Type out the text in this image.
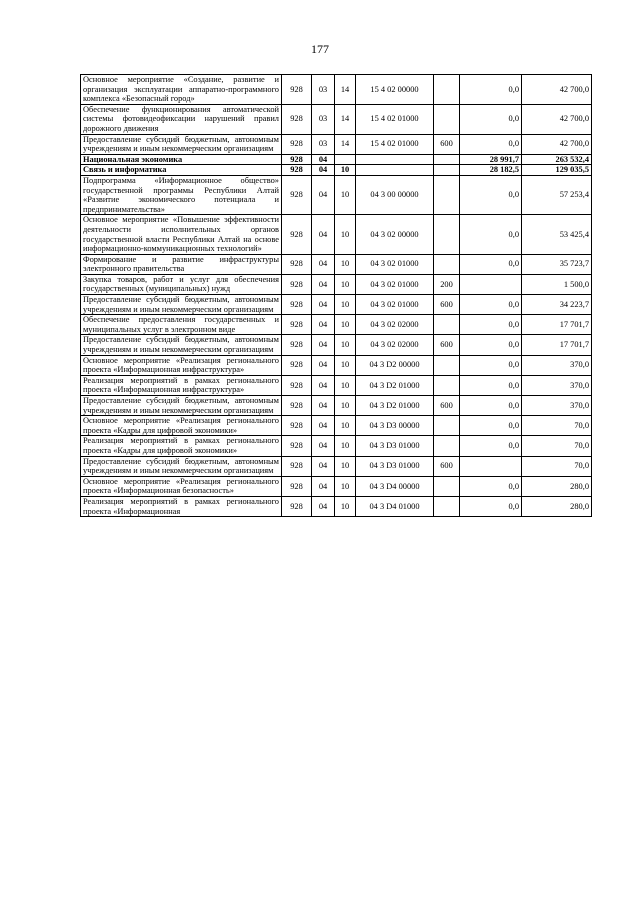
177
Основное мероприятие «Создание, развитие и организация эксплуатации аппаратно-программного комплекса «Безопасный город»	928	03	14	15 4 02 00000		0,0	42 700,0
Обеспечение функционирования автоматической системы фотовидеофиксации нарушений правил дорожного движения	928	03	14	15 4 02 01000		0,0	42 700,0
Предоставление субсидий бюджетным, автономным учреждениям и иным некоммерческим организациям	928	03	14	15 4 02 01000	600	0,0	42 700,0
Национальная экономика	928	04				28 991,7	263 532,4
Связь и информатика	928	04	10			28 182,5	129 035,5
Подпрограмма «Информационное общество» государственной программы Республики Алтай «Развитие экономического потенциала и предпринимательства»	928	04	10	04 3 00 00000		0,0	57 253,4
Основное мероприятие «Повышение эффективности деятельности исполнительных органов государственной власти Республики Алтай на основе информационно-коммуникационных технологий»	928	04	10	04 3 02 00000		0,0	53 425,4
Формирование и развитие инфраструктуры электронного правительства	928	04	10	04 3 02 01000		0,0	35 723,7
Закупка товаров, работ и услуг для обеспечения государственных (муниципальных) нужд	928	04	10	04 3 02 01000	200		1 500,0
Предоставление субсидий бюджетным, автономным учреждениям и иным некоммерческим организациям	928	04	10	04 3 02 01000	600	0,0	34 223,7
Обеспечение предоставления государственных и муниципальных услуг в электронном виде	928	04	10	04 3 02 02000		0,0	17 701,7
Предоставление субсидий бюджетным, автономным учреждениям и иным некоммерческим организациям	928	04	10	04 3 02 02000	600	0,0	17 701,7
Основное мероприятие «Реализация регионального проекта «Информационная инфраструктура»	928	04	10	04 3 D2 00000		0,0	370,0
Реализация мероприятий в рамках регионального проекта «Информационная инфраструктура»	928	04	10	04 3 D2 01000		0,0	370,0
Предоставление субсидий бюджетным, автономным учреждениям и иным некоммерческим организациям	928	04	10	04 3 D2 01000	600	0,0	370,0
Основное мероприятие «Реализация регионального проекта «Кадры для цифровой экономики»	928	04	10	04 3 D3 00000		0,0	70,0
Реализация мероприятий в рамках регионального проекта «Кадры для цифровой экономики»	928	04	10	04 3 D3 01000		0,0	70,0
Предоставление субсидий бюджетным, автономным учреждениям и иным некоммерческим организациям	928	04	10	04 3 D3 01000	600		70,0
Основное мероприятие «Реализация регионального проекта «Информационная безопасность»	928	04	10	04 3 D4 00000		0,0	280,0
Реализация мероприятий в рамках регионального проекта «Информационная	928	04	10	04 3 D4 01000		0,0	280,0
